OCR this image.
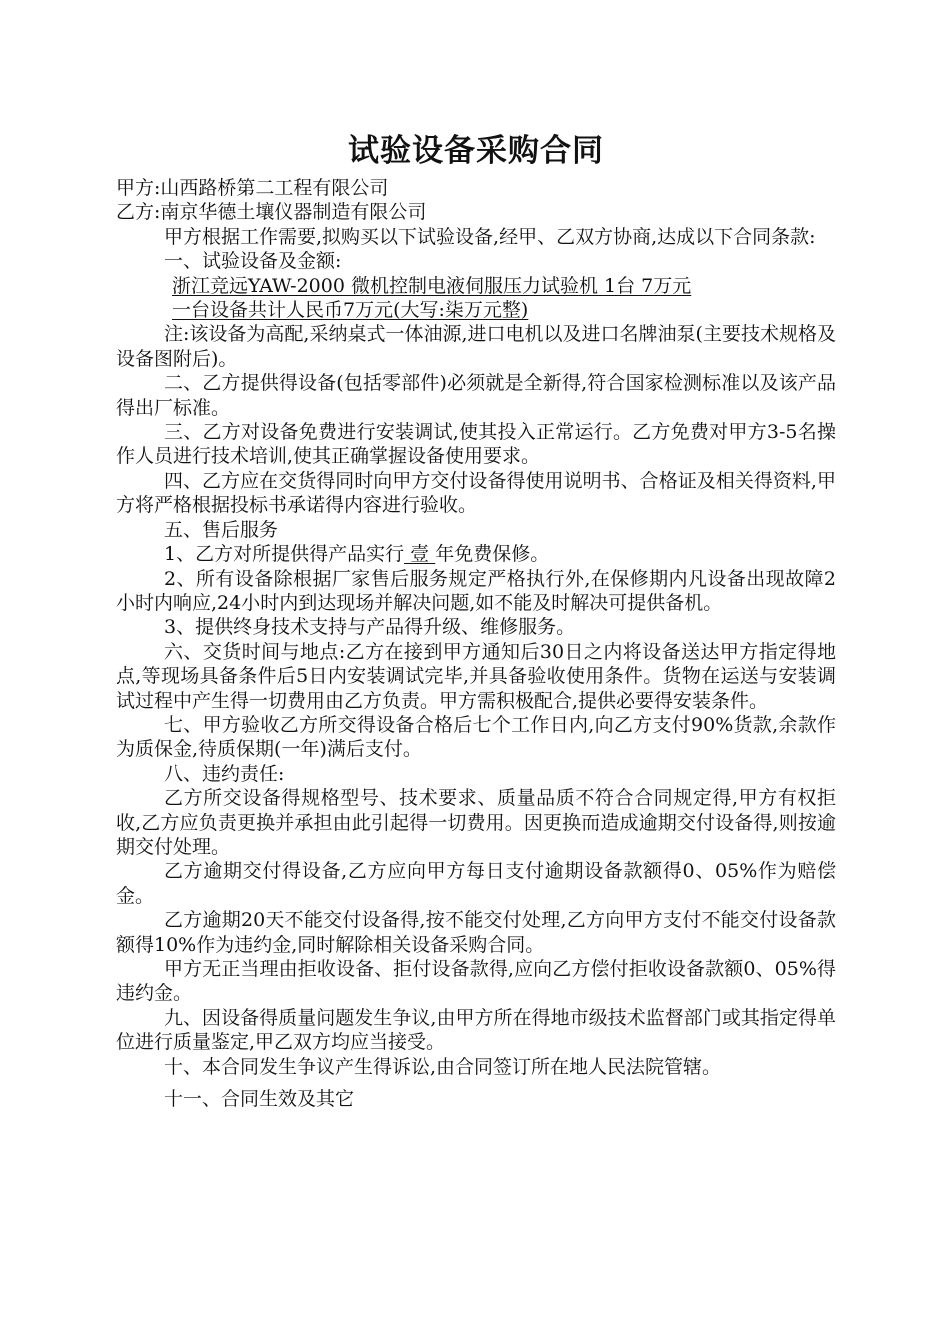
试验设备采购合同

甲方:山西路桥第二工程有限公司

乙方:南京华德土壤仪器制造有限公司

甲方根据工作需要,拟购买以下试验设备,经甲、乙双方协商,达成以下合同条款:

一、试验设备及金额:

浙江竞远YAW-2000 微机控制电液伺服压力试验机 1台 7万元

一台设备共计人民币7万元(大写:柒万元整)

注:该设备为高配,采纳桌式一体油源,进口电机以及进口名牌油泵(主要技术规格及设备图附后)。

二、乙方提供得设备(包括零部件)必须就是全新得,符合国家检测标准以及该产品得出厂标准。

三、乙方对设备免费进行安装调试,使其投入正常运行。乙方免费对甲方3-5名操作人员进行技术培训,使其正确掌握设备使用要求。

四、乙方应在交货得同时向甲方交付设备得使用说明书、合格证及相关得资料,甲方将严格根据投标书承诺得内容进行验收。

五、售后服务

1、乙方对所提供得产品实行 壹 年免费保修。

2、所有设备除根据厂家售后服务规定严格执行外,在保修期内凡设备出现故障2小时内响应,24小时内到达现场并解决问题,如不能及时解决可提供备机。

3、提供终身技术支持与产品得升级、维修服务。

六、交货时间与地点:乙方在接到甲方通知后30日之内将设备送达甲方指定得地点,等现场具备条件后5日内安装调试完毕,并具备验收使用条件。货物在运送与安装调试过程中产生得一切费用由乙方负责。甲方需积极配合,提供必要得安装条件。

七、甲方验收乙方所交得设备合格后七个工作日内,向乙方支付90%货款,余款作为质保金,待质保期(一年)满后支付。

八、违约责任:

乙方所交设备得规格型号、技术要求、质量品质不符合合同规定得,甲方有权拒收,乙方应负责更换并承担由此引起得一切费用。因更换而造成逾期交付设备得,则按逾期交付处理。

乙方逾期交付得设备,乙方应向甲方每日支付逾期设备款额得0、05%作为赔偿金。

乙方逾期20天不能交付设备得,按不能交付处理,乙方向甲方支付不能交付设备款额得10%作为违约金,同时解除相关设备采购合同。

甲方无正当理由拒收设备、拒付设备款得,应向乙方偿付拒收设备款额0、05%得违约金。

九、因设备得质量问题发生争议,由甲方所在得地市级技术监督部门或其指定得单位进行质量鉴定,甲乙双方均应当接受。

十、本合同发生争议产生得诉讼,由合同签订所在地人民法院管辖。

十一、合同生效及其它
